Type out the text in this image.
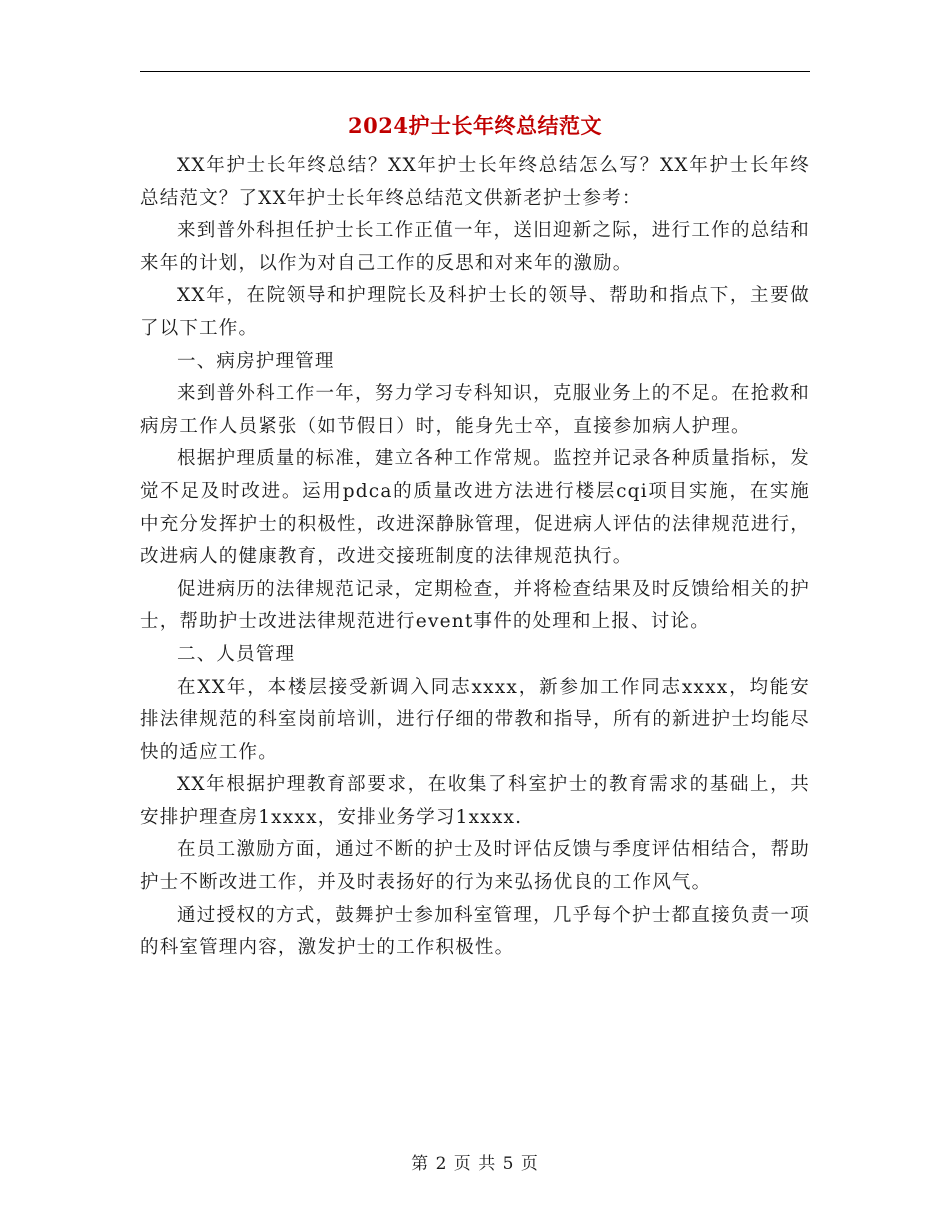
2024护士长年终总结范文

XX年护士长年终总结？XX年护士长年终总结怎么写？XX年护士长年终总结范文？了XX年护士长年终总结范文供新老护士参考：

来到普外科担任护士长工作正值一年，送旧迎新之际，进行工作的总结和来年的计划，以作为对自己工作的反思和对来年的激励。

XX年，在院领导和护理院长及科护士长的领导、帮助和指点下，主要做了以下工作。

一、病房护理管理

来到普外科工作一年，努力学习专科知识，克服业务上的不足。在抢救和病房工作人员紧张（如节假日）时，能身先士卒，直接参加病人护理。

根据护理质量的标准，建立各种工作常规。监控并记录各种质量指标，发觉不足及时改进。运用pdca的质量改进方法进行楼层cqi项目实施，在实施中充分发挥护士的积极性，改进深静脉管理，促进病人评估的法律规范进行，改进病人的健康教育，改进交接班制度的法律规范执行。

促进病历的法律规范记录，定期检查，并将检查结果及时反馈给相关的护士，帮助护士改进法律规范进行event事件的处理和上报、讨论。

二、人员管理

在XX年，本楼层接受新调入同志xxxx，新参加工作同志xxxx，均能安排法律规范的科室岗前培训，进行仔细的带教和指导，所有的新进护士均能尽快的适应工作。

XX年根据护理教育部要求，在收集了科室护士的教育需求的基础上，共安排护理查房1xxxx，安排业务学习1xxxx.

在员工激励方面，通过不断的护士及时评估反馈与季度评估相结合，帮助护士不断改进工作，并及时表扬好的行为来弘扬优良的工作风气。

通过授权的方式，鼓舞护士参加科室管理，几乎每个护士都直接负责一项的科室管理内容，激发护士的工作积极性。

第 2 页 共 5 页
